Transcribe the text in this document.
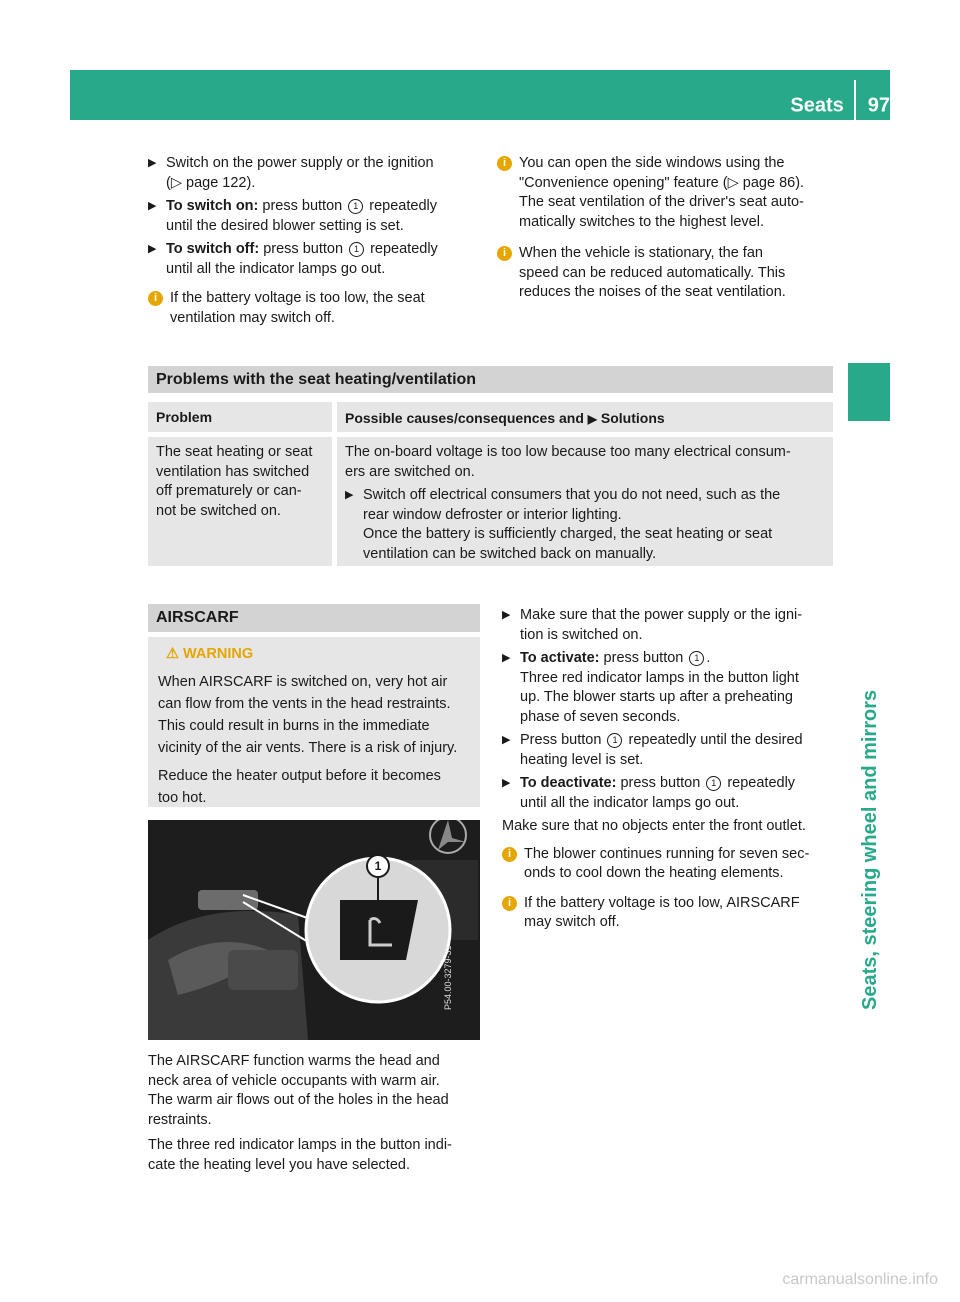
Seats 97
Seats, steering wheel and mirrors
▶ Switch on the power supply or the ignition
(▷ page 122).
▶ To switch on: press button 1 repeatedly
until the desired blower setting is set.
▶ To switch off: press button 1 repeatedly
until all the indicator lamps go out.
i If the battery voltage is too low, the seat
ventilation may switch off.
i You can open the side windows using the
"Convenience opening" feature (▷ page 86).
The seat ventilation of the driver's seat auto-
matically switches to the highest level.
i When the vehicle is stationary, the fan
speed can be reduced automatically. This
reduces the noises of the seat ventilation.
Problems with the seat heating/ventilation
Problem	Possible causes/consequences and ▶ Solutions
The seat heating or seat
ventilation has switched
off prematurely or can-
not be switched on.
The on-board voltage is too low because too many electrical consum-
ers are switched on.
▶ Switch off electrical consumers that you do not need, such as the
rear window defroster or interior lighting.
Once the battery is sufficiently charged, the seat heating or seat
ventilation can be switched back on manually.
AIRSCARF
⚠ WARNING
When AIRSCARF is switched on, very hot air
can flow from the vents in the head restraints.
This could result in burns in the immediate
vicinity of the air vents. There is a risk of injury.
Reduce the heater output before it becomes
too hot.
1
P54.00-3279-31
The AIRSCARF function warms the head and
neck area of vehicle occupants with warm air.
The warm air flows out of the holes in the head
restraints.
The three red indicator lamps in the button indi-
cate the heating level you have selected.
▶ Make sure that the power supply or the igni-
tion is switched on.
▶ To activate: press button 1 .
Three red indicator lamps in the button light
up. The blower starts up after a preheating
phase of seven seconds.
▶ Press button 1 repeatedly until the desired
heating level is set.
▶ To deactivate: press button 1 repeatedly
until all the indicator lamps go out.
Make sure that no objects enter the front outlet.
i The blower continues running for seven sec-
onds to cool down the heating elements.
i If the battery voltage is too low, AIRSCARF
may switch off.
carmanualsonline.info
